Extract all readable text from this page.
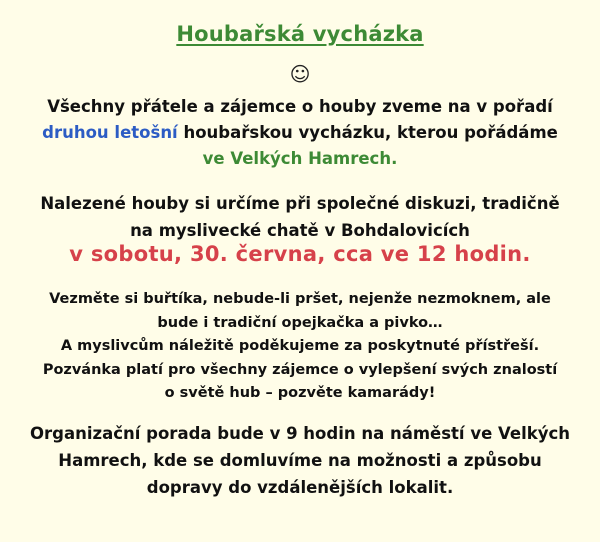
Houbařská vycházka
☺
Všechny přátele a zájemce o houby zveme na v pořadí
druhou letošní houbařskou vycházku, kterou pořádáme
ve Velkých Hamrech.
Nalezené houby si určíme při společné diskuzi, tradičně
na myslivecké chatě v Bohdalovicích
v sobotu, 30. června, cca ve 12 hodin.
Vezměte si buřtíka, nebude-li pršet, nejenže nezmoknem, ale
bude i tradiční opejkačka a pivko…
A myslivcům náležitě poděkujeme za poskytnuté přístřeší.
Pozvánka platí pro všechny zájemce o vylepšení svých znalostí
o světě hub – pozvěte kamarády!
Organizační porada bude v 9 hodin na náměstí ve Velkých
Hamrech, kde se domluvíme na možnosti a způsobu
dopravy do vzdálenějších lokalit.
